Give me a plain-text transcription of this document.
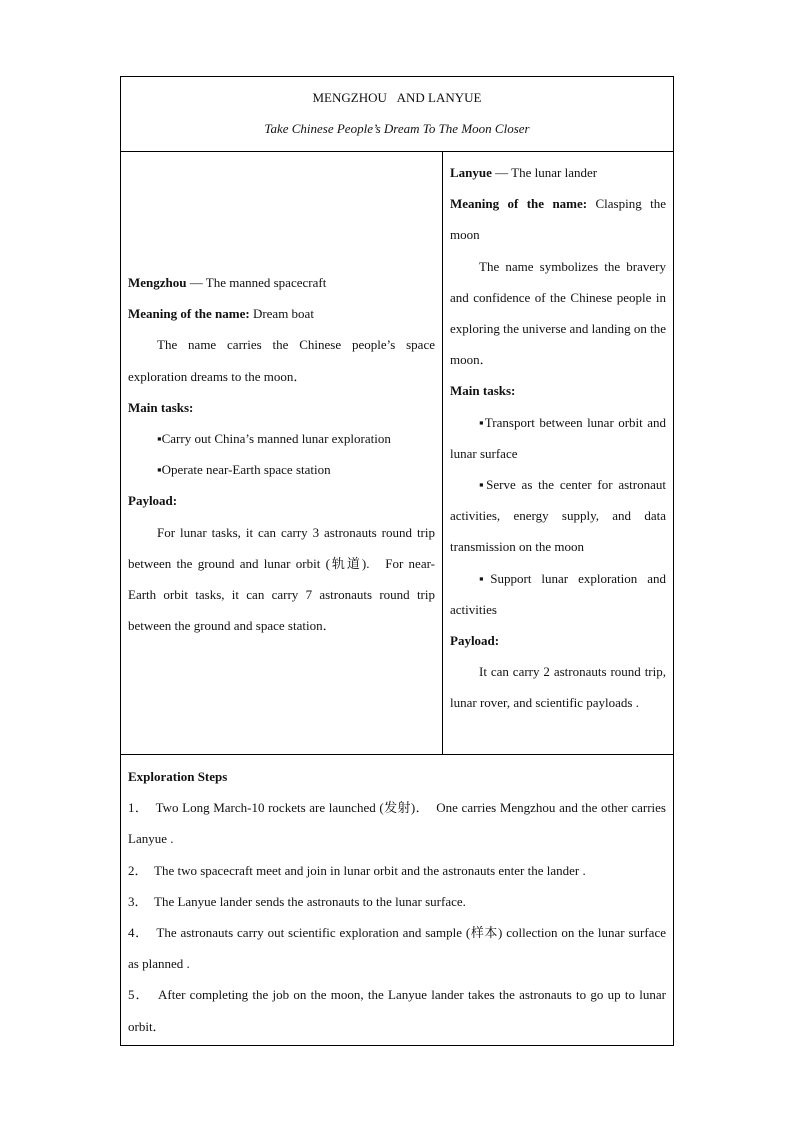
MENGZHOU   AND LANYUE
Take Chinese People’s Dream To The Moon Closer

Mengzhou — The manned spacecraft

Meaning of the name: Dream boat

The name carries the Chinese people’s space exploration dreams to the moon．

Main tasks:

▪Carry out China’s manned lunar exploration

▪Operate near-Earth space station

Payload:

For lunar tasks, it can carry 3 astronauts round trip between the ground and lunar orbit (轨道).   For near-Earth orbit tasks, it can carry 7 astronauts round trip between the ground and space station．

Lanyue — The lunar lander

Meaning of the name: Clasping the moon

The name symbolizes the bravery and confidence of the Chinese people in exploring the universe and landing on the moon．

Main tasks:

▪Transport between lunar orbit and lunar surface

▪Serve as the center for astronaut activities, energy supply, and data transmission on the moon

▪Support lunar exploration and activities

Payload:

It can carry 2 astronauts round trip, lunar rover, and scientific payloads .

Exploration Steps

1．  Two Long March-10 rockets are launched (发射)．  One carries Mengzhou and the other carries Lanyue .

2．  The two spacecraft meet and join in lunar orbit and the astronauts enter the lander .

3．  The Lanyue lander sends the astronauts to the lunar surface.

4．  The astronauts carry out scientific exploration and sample (样本) collection on the lunar surface as planned .

5．  After completing the job on the moon, the Lanyue lander takes the astronauts to go up to lunar orbit．
